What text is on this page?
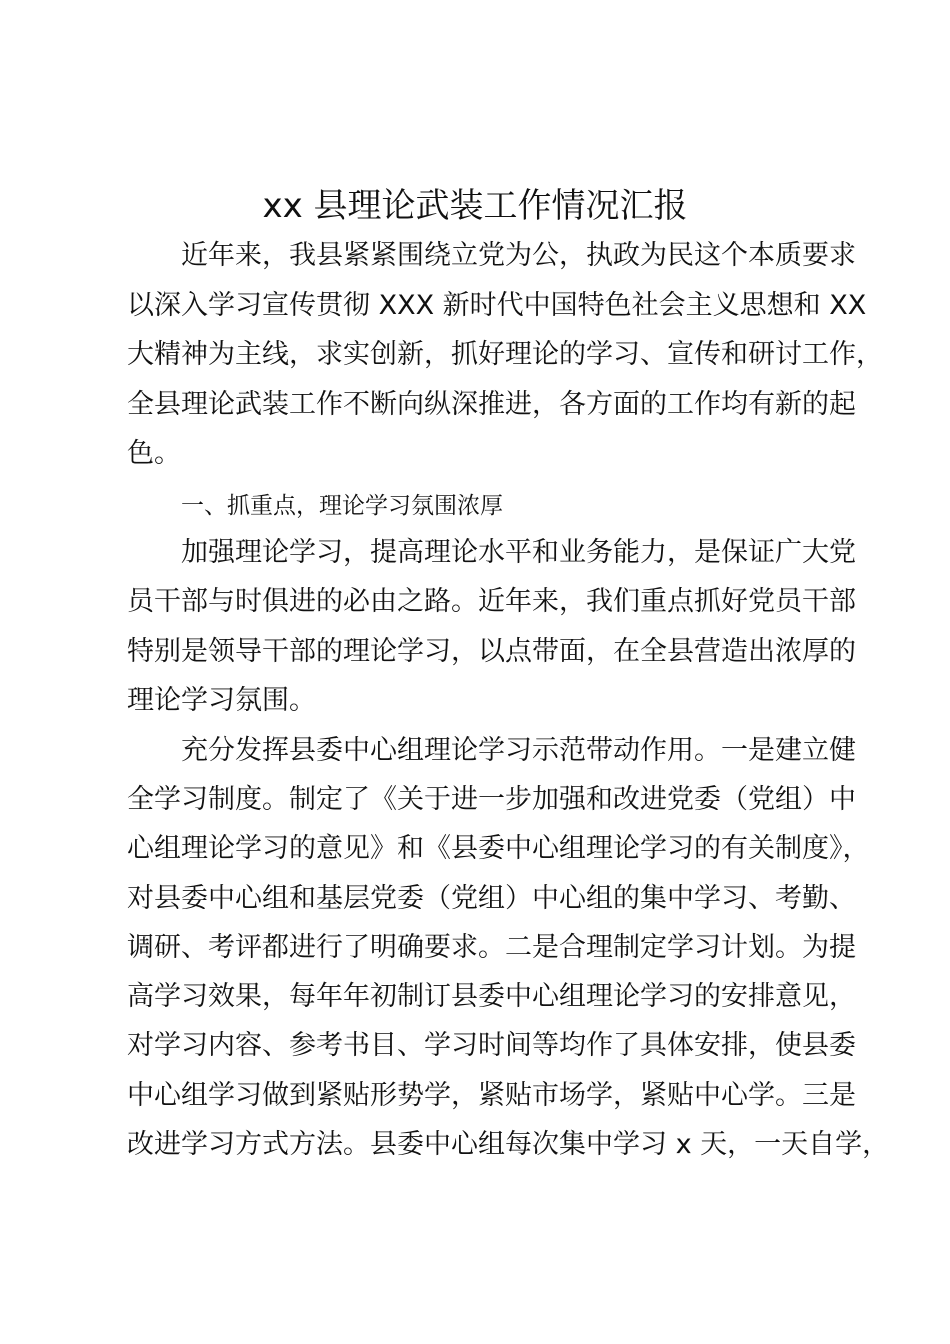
xx 县理论武装工作情况汇报

近年来，我县紧紧围绕立党为公，执政为民这个本质要求

以深入学习宣传贯彻 XXX 新时代中国特色社会主义思想和 XX

大精神为主线，求实创新，抓好理论的学习、宣传和研讨工作，

全县理论武装工作不断向纵深推进，各方面的工作均有新的起

色。

一、抓重点，理论学习氛围浓厚

加强理论学习，提高理论水平和业务能力，是保证广大党

员干部与时俱进的必由之路。近年来，我们重点抓好党员干部

特别是领导干部的理论学习，以点带面，在全县营造出浓厚的

理论学习氛围。

充分发挥县委中心组理论学习示范带动作用。一是建立健

全学习制度。制定了《关于进一步加强和改进党委（党组）中

心组理论学习的意见》和《县委中心组理论学习的有关制度》，

对县委中心组和基层党委（党组）中心组的集中学习、考勤、

调研、考评都进行了明确要求。二是合理制定学习计划。为提

高学习效果，每年年初制订县委中心组理论学习的安排意见，

对学习内容、参考书目、学习时间等均作了具体安排，使县委

中心组学习做到紧贴形势学，紧贴市场学，紧贴中心学。三是

改进学习方式方法。县委中心组每次集中学习 x 天，一天自学，
